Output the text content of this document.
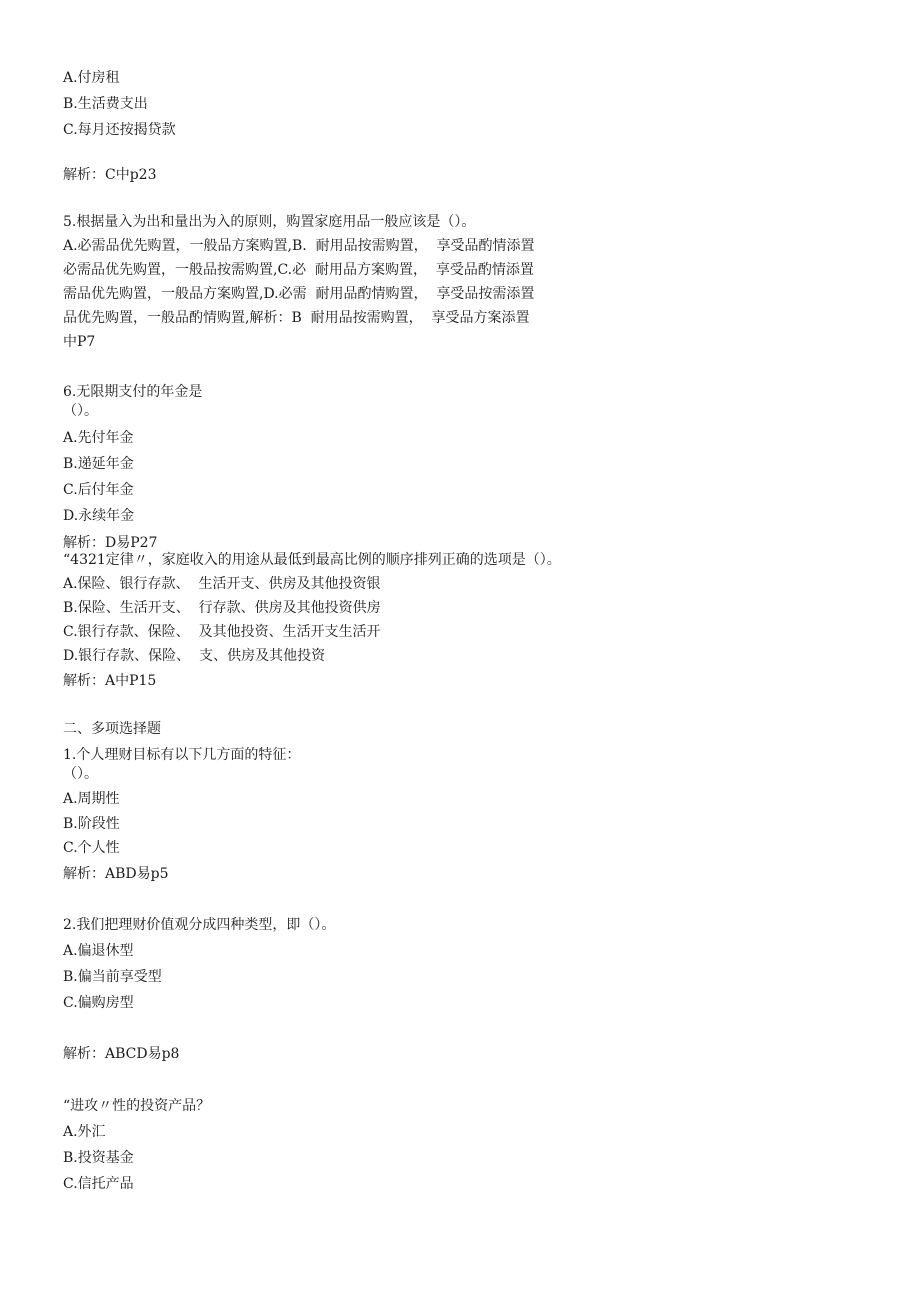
A.付房租

B.生活费支出

C.每月还按揭贷款

解析：C中p23

5.根据量入为出和量出为入的原则，购置家庭用品一般应该是（）。

A.必需品优先购置，一般品方案购置,B.  耐用品按需购置，  享受品酌情添置

必需品优先购置，一般品按需购置,C.必  耐用品方案购置，  享受品酌情添置

需品优先购置，一般品方案购置,D.必需  耐用品酌情购置，  享受品按需添置

品优先购置，一般品酌情购置,解析：B  耐用品按需购置，  享受品方案添置

中P7

6.无限期支付的年金是

（）。

A.先付年金

B.递延年金

C.后付年金

D.永续年金

解析：D易P27

“4321定律〃，家庭收入的用途从最低到最高比例的顺序排列正确的选项是（）。

A.保险、银行存款、  生活开支、供房及其他投资银

B.保险、生活开支、  行存款、供房及其他投资供房

C.银行存款、保险、  及其他投资、生活开支生活开

D.银行存款、保险、  支、供房及其他投资

解析：A中P15

二、多项选择题

1.个人理财目标有以下几方面的特征：

（）。

A.周期性

B.阶段性

C.个人性

解析：ABD易p5

2.我们把理财价值观分成四种类型，即（）。

A.偏退休型

B.偏当前享受型

C.偏购房型

解析：ABCD易p8

“进攻〃性的投资产品？

A.外汇

B.投资基金

C.信托产品
